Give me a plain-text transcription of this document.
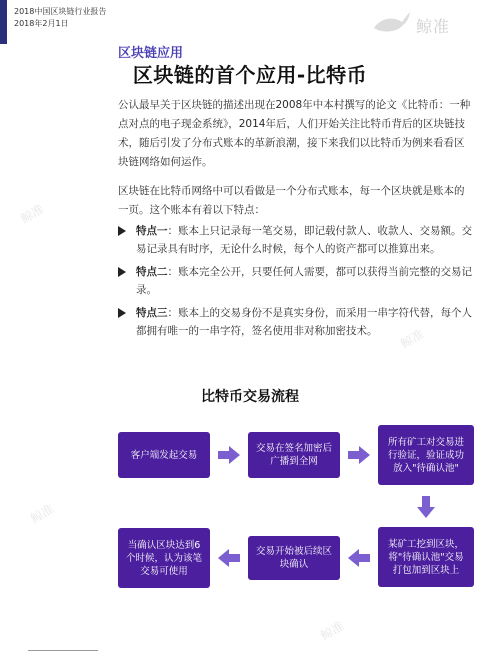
2018中国区块链行业报告
2018年2月1日	鲸准
区块链应用
区块链的首个应用-比特币

公认最早关于区块链的描述出现在2008年中本村撰写的论文《比特币：一种点对点的电子现金系统》，2014年后，人们开始关注比特币背后的区块链技术，随后引发了分布式账本的革新浪潮，接下来我们以比特币为例来看看区块链网络如何运作。

区块链在比特币网络中可以看做是一个分布式账本，每一个区块就是账本的一页。这个账本有着以下特点：

特点一：账本上只记录每一笔交易，即记载付款人、收款人、交易额。交易记录具有时序，无论什么时候，每个人的资产都可以推算出来。
特点二：账本完全公开，只要任何人需要，都可以获得当前完整的交易记录。
特点三：账本上的交易身份不是真实身份，而采用一串字符代替，每个人都拥有唯一的一串字符，签名使用非对称加密技术。
比特币交易流程
客户端发起交易
交易在签名加密后广播到全网
所有矿工对交易进行验证，验证成功放入"待确认池"
某矿工挖到区块，将"待确认池"交易打包加到区块上
交易开始被后续区块确认
当确认区块达到6个时候，认为该笔交易可使用
鲸准
鲸准
鲸准
鲸准
